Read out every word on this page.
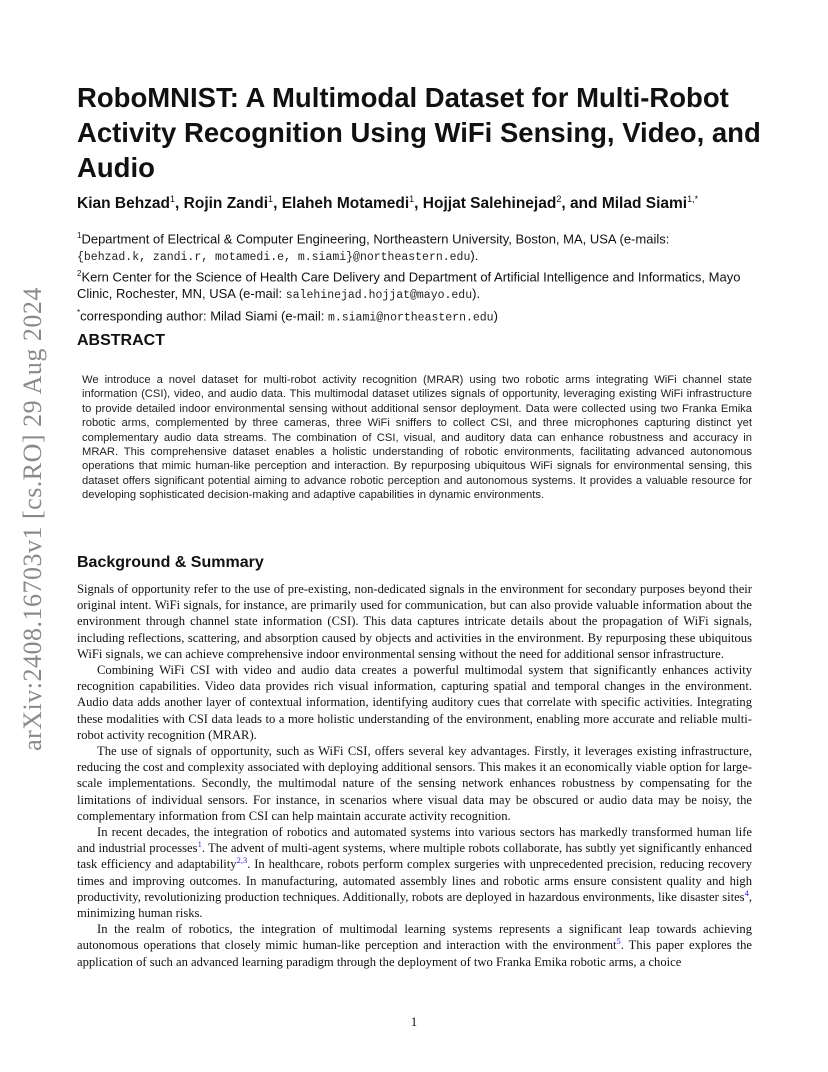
arXiv:2408.16703v1 [cs.RO] 29 Aug 2024
RoboMNIST: A Multimodal Dataset for Multi-Robot Activity Recognition Using WiFi Sensing, Video, and Audio
Kian Behzad$^1$, Rojin Zandi$^1$, Elaheh Motamedi$^1$, Hojjat Salehinejad$^2$, and Milad Siami$^{1,*}$

$^1$Department of Electrical & Computer Engineering, Northeastern University, Boston, MA, USA (e-mails:
{behzad.k, zandi.r, motamedi.e, m.siami}@northeastern.edu).

$^2$Kern Center for the Science of Health Care Delivery and Department of Artificial Intelligence and Informatics, Mayo Clinic, Rochester, MN, USA (e-mail: salehinejad.hojjat@mayo.edu).

*corresponding author: Milad Siami (e-mail: m.siami@northeastern.edu)

ABSTRACT

We introduce a novel dataset for multi-robot activity recognition (MRAR) using two robotic arms integrating WiFi channel state information (CSI), video, and audio data. This multimodal dataset utilizes signals of opportunity, leveraging existing WiFi infrastructure to provide detailed indoor environmental sensing without additional sensor deployment. Data were collected using two Franka Emika robotic arms, complemented by three cameras, three WiFi sniffers to collect CSI, and three microphones capturing distinct yet complementary audio data streams. The combination of CSI, visual, and auditory data can enhance robustness and accuracy in MRAR. This comprehensive dataset enables a holistic understanding of robotic environments, facilitating advanced autonomous operations that mimic human-like perception and interaction. By repurposing ubiquitous WiFi signals for environmental sensing, this dataset offers significant potential aiming to advance robotic perception and autonomous systems. It provides a valuable resource for developing sophisticated decision-making and adaptive capabilities in dynamic environments.

Background & Summary

Signals of opportunity refer to the use of pre-existing, non-dedicated signals in the environment for secondary purposes beyond their original intent. WiFi signals, for instance, are primarily used for communication, but can also provide valuable information about the environment through channel state information (CSI). This data captures intricate details about the propagation of WiFi signals, including reflections, scattering, and absorption caused by objects and activities in the environment. By repurposing these ubiquitous WiFi signals, we can achieve comprehensive indoor environmental sensing without the need for additional sensor infrastructure.

Combining WiFi CSI with video and audio data creates a powerful multimodal system that significantly enhances activity recognition capabilities. Video data provides rich visual information, capturing spatial and temporal changes in the environment. Audio data adds another layer of contextual information, identifying auditory cues that correlate with specific activities. Integrating these modalities with CSI data leads to a more holistic understanding of the environment, enabling more accurate and reliable multi-robot activity recognition (MRAR).

The use of signals of opportunity, such as WiFi CSI, offers several key advantages. Firstly, it leverages existing infrastructure, reducing the cost and complexity associated with deploying additional sensors. This makes it an economically viable option for large-scale implementations. Secondly, the multimodal nature of the sensing network enhances robustness by compensating for the limitations of individual sensors. For instance, in scenarios where visual data may be obscured or audio data may be noisy, the complementary information from CSI can help maintain accurate activity recognition.

In recent decades, the integration of robotics and automated systems into various sectors has markedly transformed human life and industrial processes$^1$. The advent of multi-agent systems, where multiple robots collaborate, has subtly yet significantly enhanced task efficiency and adaptability$^{2,3}$. In healthcare, robots perform complex surgeries with unprecedented precision, reducing recovery times and improving outcomes. In manufacturing, automated assembly lines and robotic arms ensure consistent quality and high productivity, revolutionizing production techniques. Additionally, robots are deployed in hazardous environments, like disaster sites$^4$, minimizing human risks.

In the realm of robotics, the integration of multimodal learning systems represents a significant leap towards achieving autonomous operations that closely mimic human-like perception and interaction with the environment$^5$. This paper explores the application of such an advanced learning paradigm through the deployment of two Franka Emika robotic arms, a choice

1
